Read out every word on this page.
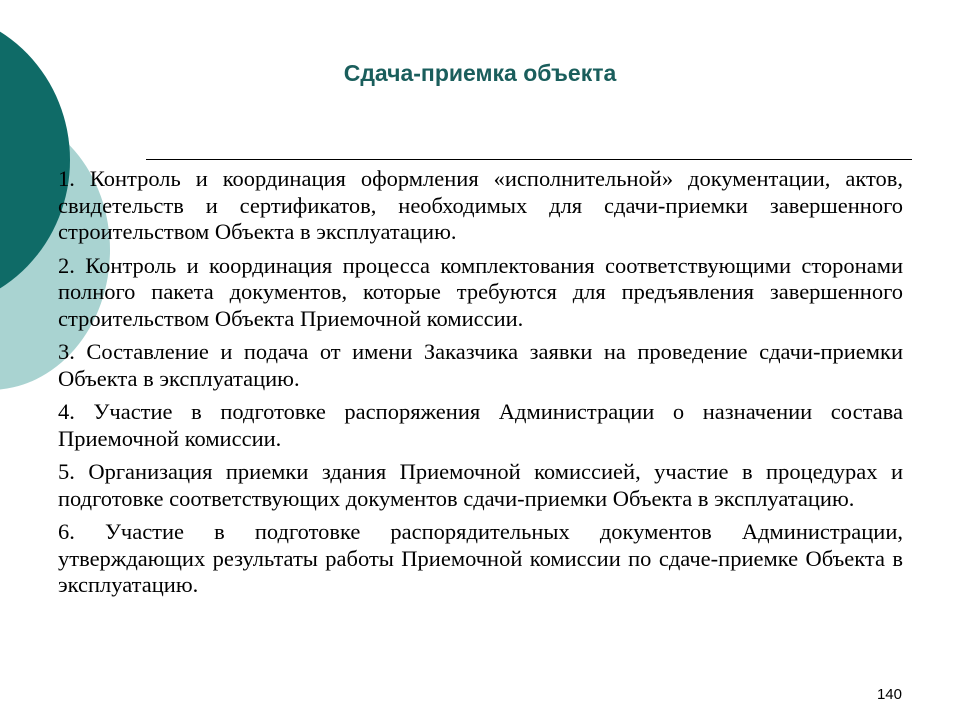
Сдача-приемка объекта

1. Контроль и координация оформления «исполнительной» документации, актов, свидетельств и сертификатов, необходимых для сдачи-приемки завершенного строительством Объекта в эксплуатацию.

2. Контроль и координация процесса комплектования соответствующими сторонами полного пакета документов, которые требуются для предъявления завершенного строительством Объекта Приемочной комиссии.

3. Составление и подача от имени Заказчика заявки на проведение сдачи-приемки Объекта в эксплуатацию.

4. Участие в подготовке распоряжения Администрации о назначении состава Приемочной комиссии.

5. Организация приемки здания Приемочной комиссией, участие в процедурах и подготовке соответствующих документов сдачи-приемки Объекта в эксплуатацию.

6. Участие в подготовке распорядительных документов Администрации, утверждающих результаты работы Приемочной комиссии по сдаче-приемке Объекта в эксплуатацию.

140
